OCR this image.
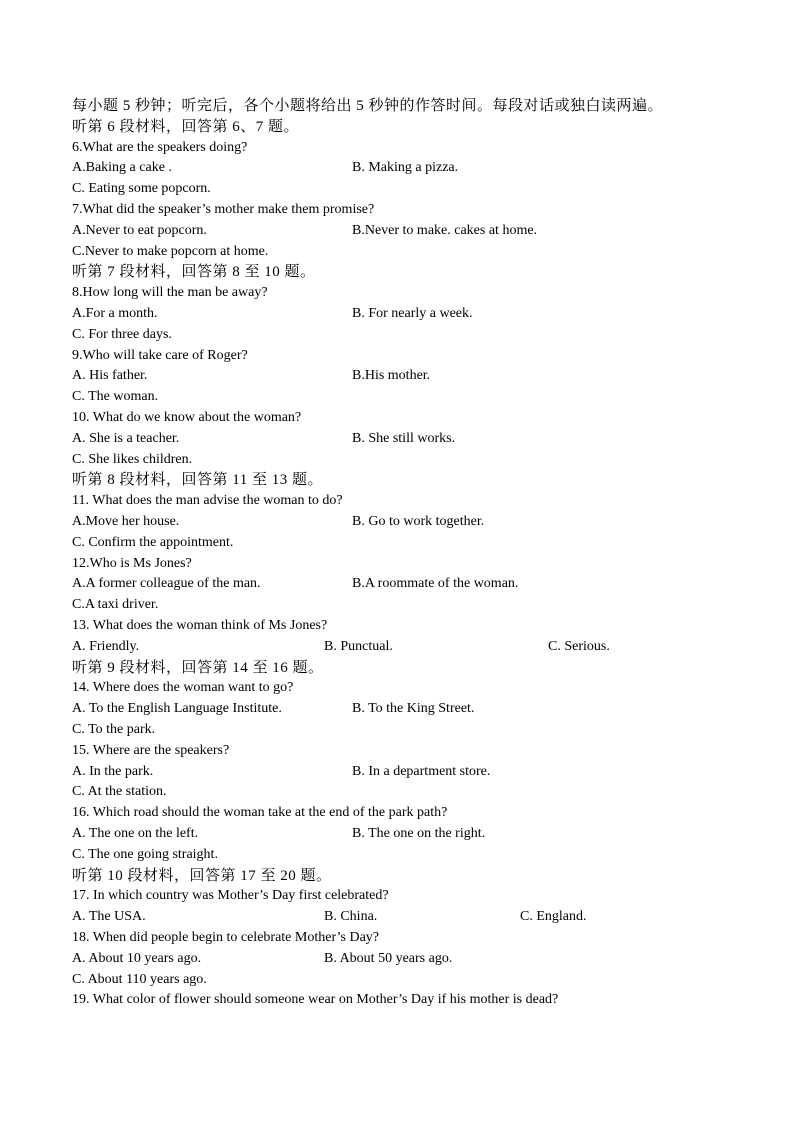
每小题 5 秒钟；听完后，各个小题将给出 5 秒钟的作答时间。每段对话或独白读两遍。
听第 6 段材料，回答第 6、7 题。
6.What are the speakers doing?
A.Baking a cake .	B. Making a pizza.
C. Eating some popcorn.
7.What did the speaker’s mother make them promise?
A.Never to eat popcorn.	B.Never to make. cakes at home.
C.Never to make popcorn at home.
听第 7 段材料，回答第 8 至 10 题。
8.How long will the man be away?
A.For a month.	B. For nearly a week.
C. For three days.
9.Who will take care of Roger?
A. His father.	B.His mother.
C. The woman.
10. What do we know about the woman?
A. She is a teacher.	B. She still works.
C. She likes children.
听第 8 段材料，回答第 11 至 13 题。
11. What does the man advise the woman to do?
A.Move her house.	B. Go to work together.
C. Confirm the appointment.
12.Who is Ms Jones?
A.A former colleague of the man.	B.A roommate of the woman.
C.A taxi driver.
13. What does the woman think of Ms Jones?
A. Friendly.	B. Punctual.	C. Serious.
听第 9 段材料，回答第 14 至 16 题。
14. Where does the woman want to go?
A. To the English Language Institute.	B. To the King Street.
C. To the park.
15. Where are the speakers?
A. In the park.	B. In a department store.
C. At the station.
16. Which road should the woman take at the end of the park path?
A. The one on the left.	B. The one on the right.
C. The one going straight.
听第 10 段材料，回答第 17 至 20 题。
17. In which country was Mother’s Day first celebrated?
A. The USA.	B. China.	C. England.
18. When did people begin to celebrate Mother’s Day?
A. About 10 years ago.	B. About 50 years ago.
C. About 110 years ago.
19. What color of flower should someone wear on Mother’s Day if his mother is dead?
